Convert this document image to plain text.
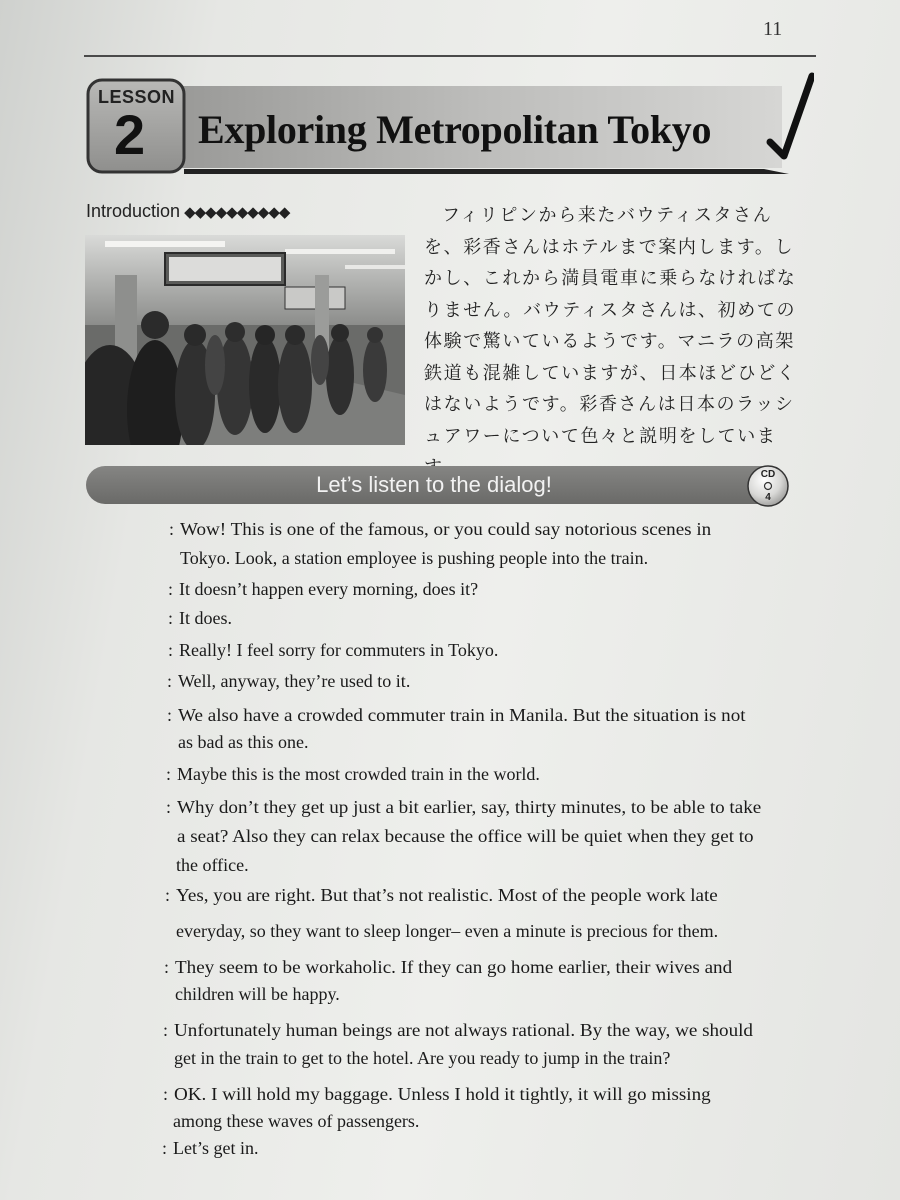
11
LESSON
2 Exploring Metropolitan Tokyo
Introduction ◆◆◆◆◆◆◆◆◆◆	フィリピンから来たバウティスタさんを、彩香さんはホテルまで案内します。しかし、これから満員電車に乗らなければなりません。バウティスタさんは、初めての体験で驚いているようです。マニラの高架鉄道も混雑していますが、日本ほどひどくはないようです。彩香さんは日本のラッシュアワーについて色々と説明をしていま
Let’s listen to the dialog!	CD
4
Wow! This is one of the famous, or you could say notorious scenes in
:
Tokyo. Look, a station employee is pushing people into the train.
It doesn’t happen every morning, does it?
:
It does.
:
Really! I feel sorry for commuters in Tokyo.
:
Well, anyway, they’re used to it.
:
We also have a crowded commuter train in Manila. But the situation is not
:
as bad as this one.
Maybe this is the most crowded train in the world.
:
Why don’t they get up just a bit earlier, say, thirty minutes, to be able to take
:
a seat? Also they can relax because the office will be quiet when they get to
the office.
Yes, you are right. But that’s not realistic. Most of the people work late
:
everyday, so they want to sleep longer– even a minute is precious for them.
They seem to be workaholic. If they can go home earlier, their wives and
:
children will be happy.
Unfortunately human beings are not always rational. By the way, we should
:
get in the train to get to the hotel. Are you ready to jump in the train?
OK. I will hold my baggage. Unless I hold it tightly, it will go missing
:
among these waves of passengers.
Let’s get in.
:
